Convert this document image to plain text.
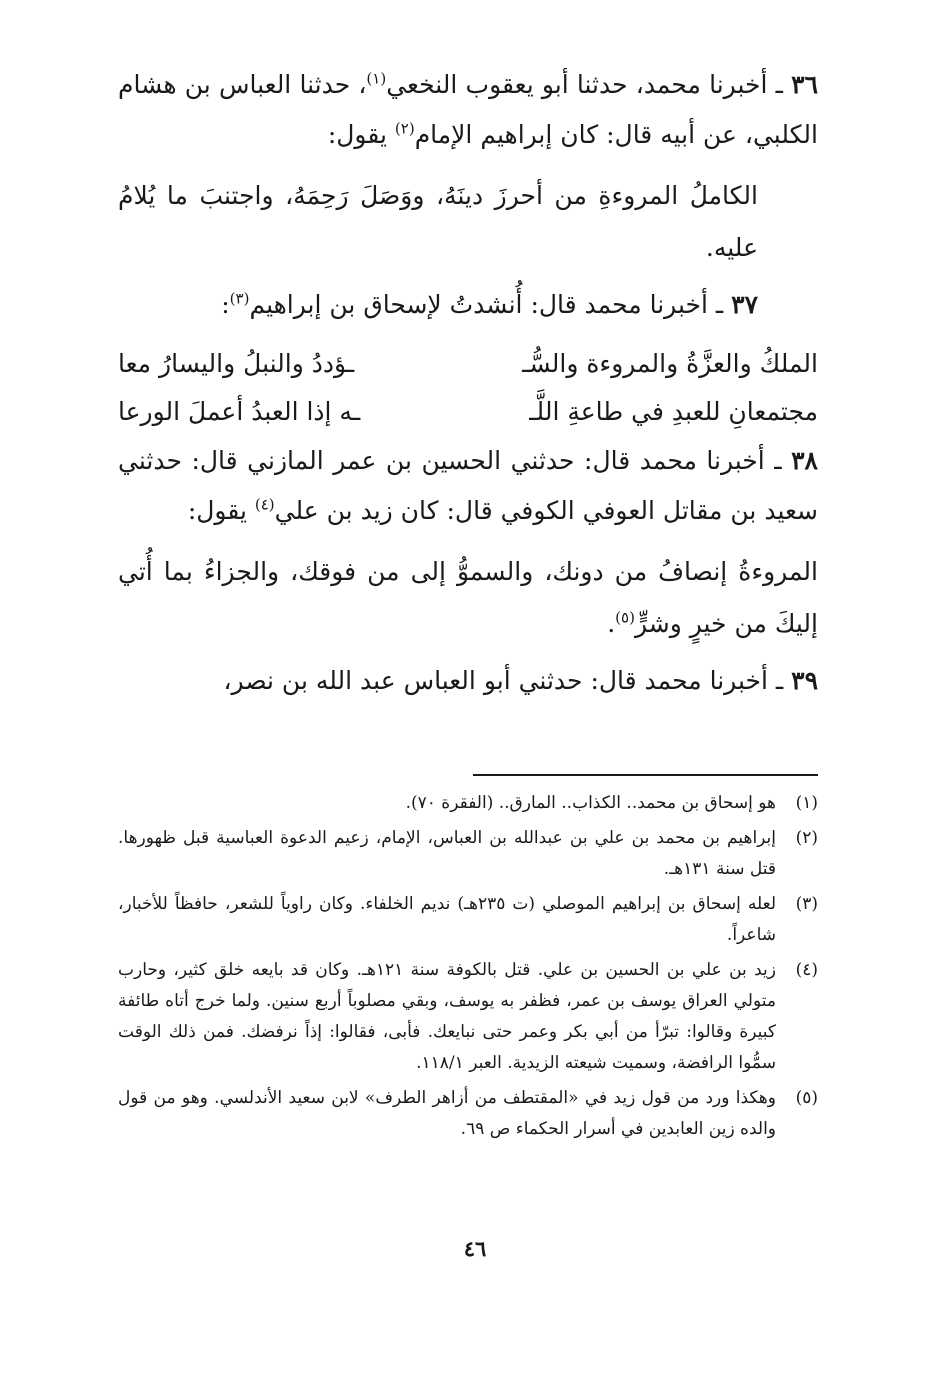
٣٦ ـ أخبرنا محمد، حدثنا أبو يعقوب النخعي$^{(١)}$، حدثنا العباس بن هشام الكلبي، عن أبيه قال: كان إبراهيم الإمام$^{(٢)}$ يقول:

الكاملُ المروءةِ من أحرزَ دينَهُ، ووَصَلَ رَحِمَهُ، واجتنبَ ما يُلامُ عليه.

٣٧ ـ أخبرنا محمد قال: أُنشدتُ لإسحاق بن إبراهيم$^{(٣)}$:

الملكُ والعزَّةُ والمروءة والسُّـ
ـؤددُ والنبلُ واليسارُ معا
مجتمعانِ للعبدِ في طاعةِ اللَّـ
ـه إذا العبدُ أعملَ الورعا

٣٨ ـ أخبرنا محمد قال: حدثني الحسين بن عمر المازني قال: حدثني سعيد بن مقاتل العوفي الكوفي قال: كان زيد بن علي$^{(٤)}$ يقول:

المروءةُ إنصافُ من دونك، والسموُّ إلى من فوقك، والجزاءُ بما أُتي إليكَ من خيرٍ وشرٍّ$^{(٥)}$.

٣٩ ـ أخبرنا محمد قال: حدثني أبو العباس عبد الله بن نصر،

(١)
هو إسحاق بن محمد.. الكذاب.. المارق.. (الفقرة ٧٠).
(٢)
إبراهيم بن محمد بن علي بن عبدالله بن العباس، الإمام، زعيم الدعوة العباسية قبل ظهورها. قتل سنة ١٣١هـ.
(٣)
لعله إسحاق بن إبراهيم الموصلي (ت ٢٣٥هـ) نديم الخلفاء. وكان راوياً للشعر، حافظاً للأخبار، شاعراً.
(٤)
زيد بن علي بن الحسين بن علي. قتل بالكوفة سنة ١٢١هـ. وكان قد بايعه خلق كثير، وحارب متولي العراق يوسف بن عمر، فظفر به يوسف، وبقي مصلوباً أربع سنين. ولما خرج أتاه طائفة كبيرة وقالوا: تبرّأ من أبي بكر وعمر حتى نبايعك. فأبى، فقالوا: إذاً نرفضك. فمن ذلك الوقت سمُّوا الرافضة، وسميت شيعته الزيدية. العبر ١١٨/١.
(٥)
وهكذا ورد من قول زيد في «المقتطف من أزاهر الطرف» لابن سعيد الأندلسي. وهو من قول والده زين العابدين في أسرار الحكماء ص ٦٩.
٤٦
